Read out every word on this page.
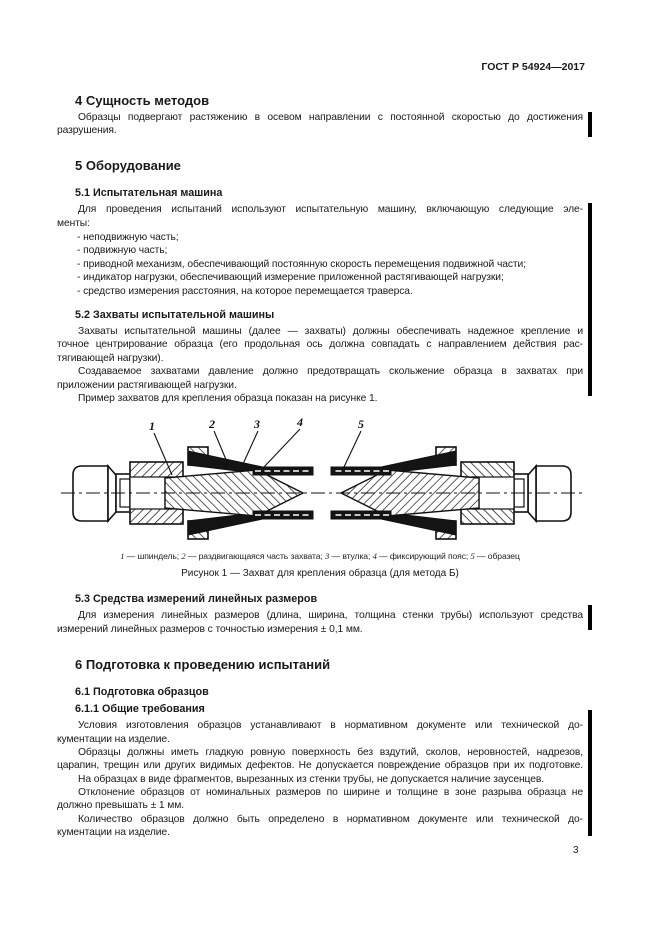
ГОСТ Р 54924—2017
4 Сущность методов
Образцы подвергают растяжению в осевом направлении с постоянной скоростью до достижения
разрушения.
5 Оборудование
5.1 Испытательная машина
Для проведения испытаний используют испытательную машину, включающую следующие эле-
менты:
- неподвижную часть;
- подвижную часть;
- приводной механизм, обеспечивающий постоянную скорость перемещения подвижной части;
- индикатор нагрузки, обеспечивающий измерение приложенной растягивающей нагрузки;
- средство измерения расстояния, на которое перемещается траверса.
5.2 Захваты испытательной машины
Захваты испытательной машины (далее — захваты) должны обеспечивать надежное крепление и
точное центрирование образца (его продольная ось должна совпадать с направлением действия рас-
тягивающей нагрузки).
Создаваемое захватами давление должно предотвращать скольжение образца в захватах при
приложении растягивающей нагрузки.
Пример захватов для крепления образца показан на рисунке 1.
1	2	3	4	5
1 — шпиндель; 2 — раздвигающаяся часть захвата; 3 — втулка; 4 — фиксирующий пояс; 5 — образец
Рисунок 1 — Захват для крепления образца (для метода Б)
5.3 Средства измерений линейных размеров
Для измерения линейных размеров (длина, ширина, толщина стенки трубы) используют средства
измерений линейных размеров с точностью измерения ± 0,1 мм.
6 Подготовка к проведению испытаний
6.1 Подготовка образцов
6.1.1 Общие требования
Условия изготовления образцов устанавливают в нормативном документе или технической до-
кументации на изделие.
Образцы должны иметь гладкую ровную поверхность без вздутий, сколов, неровностей, надрезов,
царапин, трещин или других видимых дефектов. Не допускается повреждение образцов при их подготовке.
На образцах в виде фрагментов, вырезанных из стенки трубы, не допускается наличие заусенцев.
Отклонение образцов от номинальных размеров по ширине и толщине в зоне разрыва образца не
должно превышать ± 1 мм.
Количество образцов должно быть определено в нормативном документе или технической до-
кументации на изделие.
3
